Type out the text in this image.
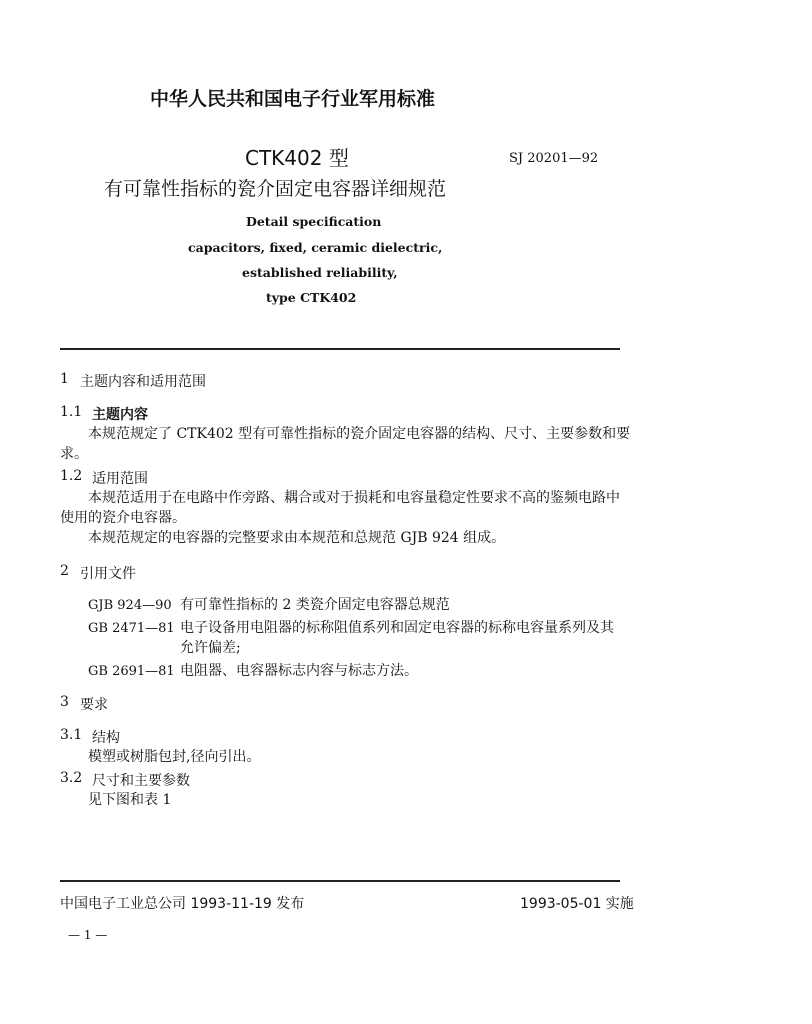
中华人民共和国电子行业军用标准
CTK402 型	SJ 20201—92
有可靠性指标的瓷介固定电容器详细规范
Detail specification
capacitors, fixed, ceramic dielectric,
established reliability,
type CTK402
1 主题内容和适用范围
1.1 主题内容
本规范规定了 CTK402 型有可靠性指标的瓷介固定电容器的结构、尺寸、主要参数和要
求。
1.2 适用范围
本规范适用于在电路中作旁路、耦合或对于损耗和电容量稳定性要求不高的鉴频电路中
使用的瓷介电容器。
本规范规定的电容器的完整要求由本规范和总规范 GJB 924 组成。
2 引用文件
GJB 924—90 有可靠性指标的 2 类瓷介固定电容器总规范
GB 2471—81 电子设备用电阻器的标称阻值系列和固定电容器的标称电容量系列及其
允许偏差;
GB 2691—81 电阻器、电容器标志内容与标志方法。
3 要求
3.1 结构
模塑或树脂包封,径向引出。
3.2 尺寸和主要参数
见下图和表 1
中国电子工业总公司 1993-11-19 发布	1993-05-01 实施
— 1 —
